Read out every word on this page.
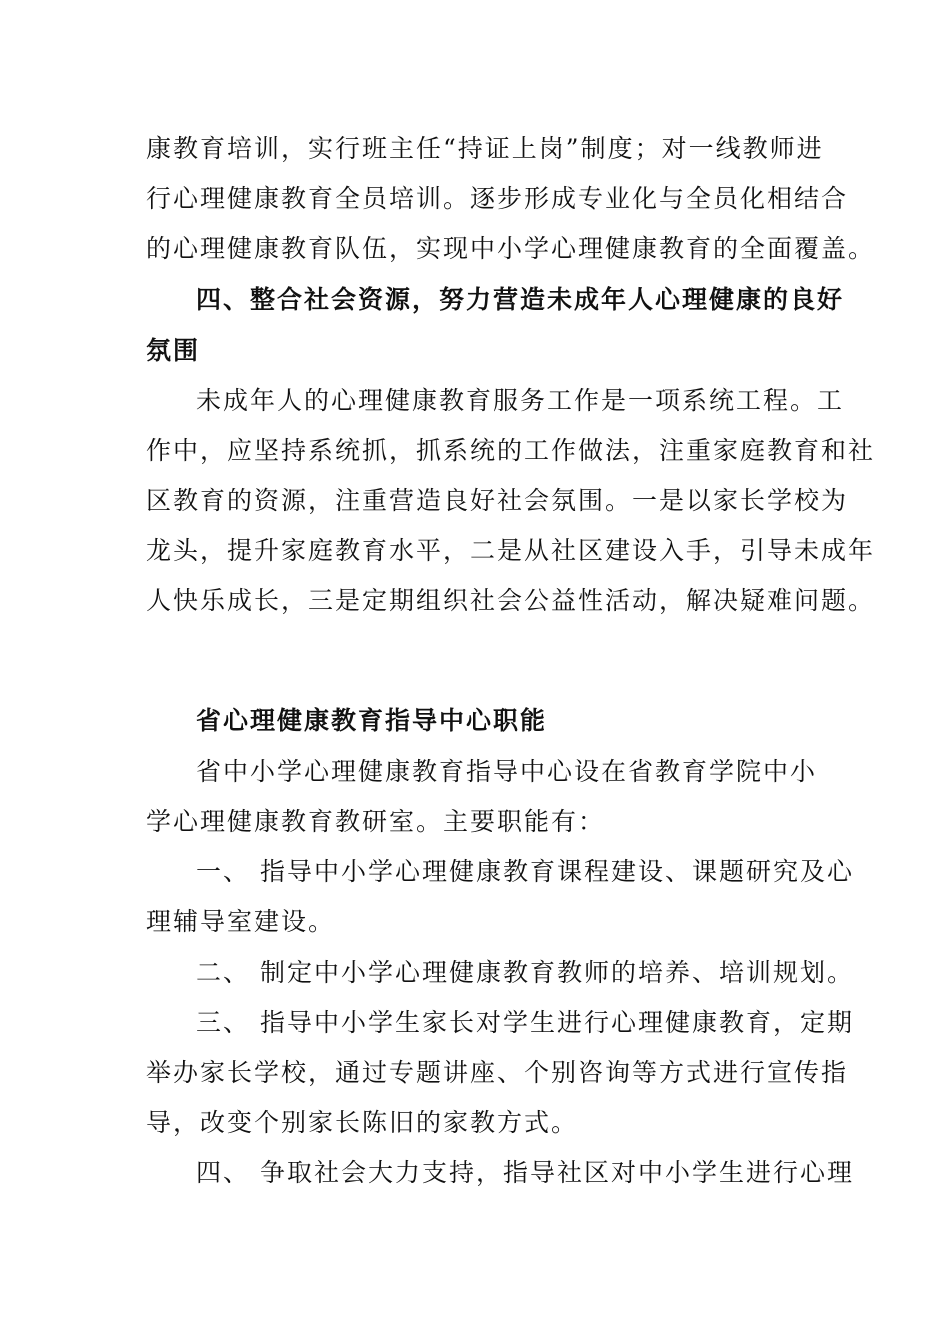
康教育培训，实行班主任“持证上岗”制度；对一线教师进
行心理健康教育全员培训。逐步形成专业化与全员化相结合
的心理健康教育队伍，实现中小学心理健康教育的全面覆盖。
四、整合社会资源，努力营造未成年人心理健康的良好
氛围
未成年人的心理健康教育服务工作是一项系统工程。工
作中，应坚持系统抓，抓系统的工作做法，注重家庭教育和社
区教育的资源，注重营造良好社会氛围。一是以家长学校为
龙头，提升家庭教育水平，二是从社区建设入手，引导未成年
人快乐成长，三是定期组织社会公益性活动，解决疑难问题。
省心理健康教育指导中心职能
省中小学心理健康教育指导中心设在省教育学院中小
学心理健康教育教研室。主要职能有：
一、 指导中小学心理健康教育课程建设、课题研究及心
理辅导室建设。
二、 制定中小学心理健康教育教师的培养、培训规划。
三、 指导中小学生家长对学生进行心理健康教育，定期
举办家长学校，通过专题讲座、个别咨询等方式进行宣传指
导，改变个别家长陈旧的家教方式。
四、 争取社会大力支持，指导社区对中小学生进行心理
